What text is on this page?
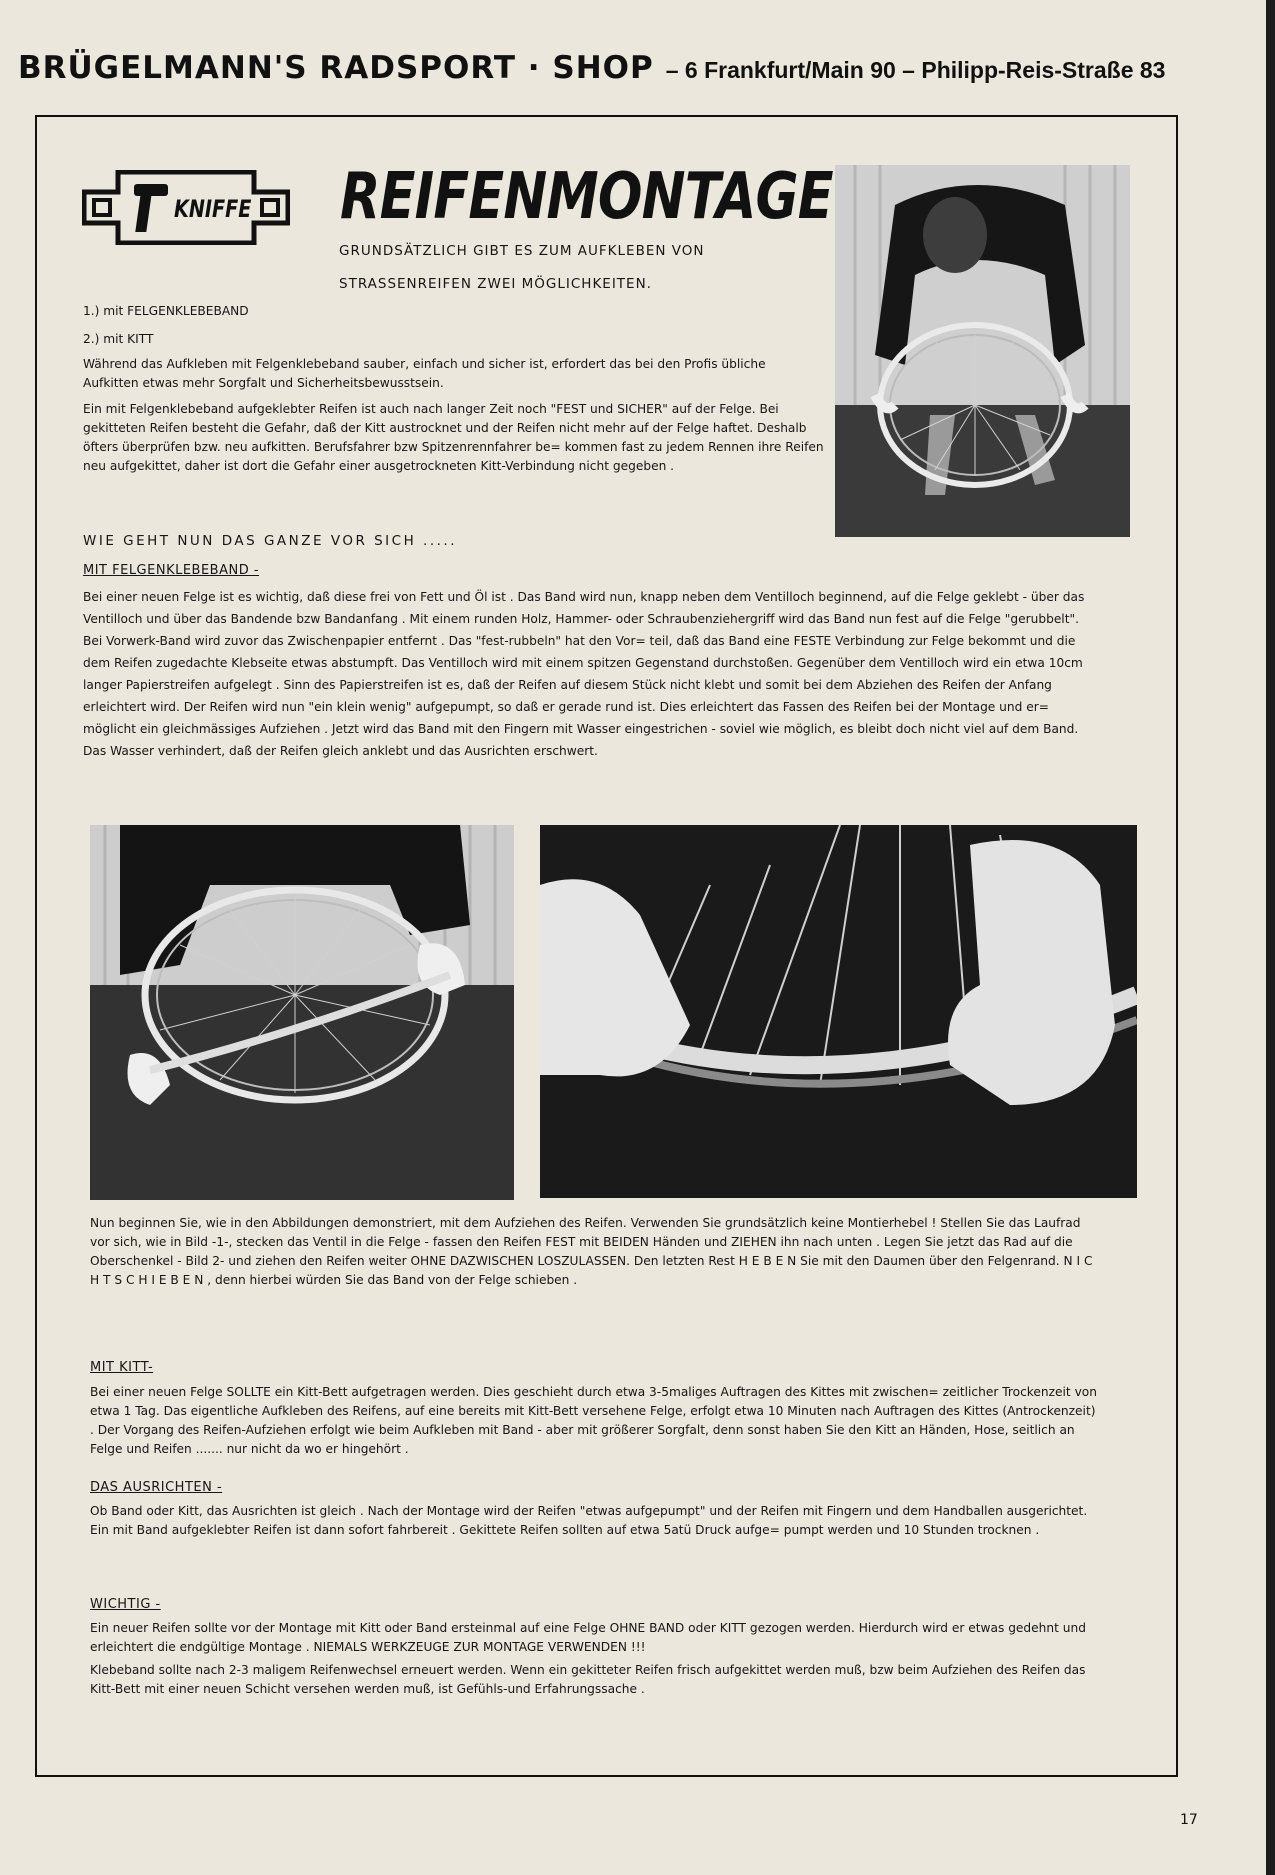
BRÜGELMANN'S RADSPORT · SHOP – 6 Frankfurt/Main 90 – Philipp-Reis-Straße 83
KNIFFE REIFENMONTAGE
GRUNDSÄTZLICH GIBT ES ZUM AUFKLEBEN VON
STRASSENREIFEN ZWEI MÖGLICHKEITEN.
1.) mit FELGENKLEBEBAND
2.) mit KITT

Während das Aufkleben mit Felgenklebeband sauber, einfach und sicher ist, erfordert das bei den Profis übliche Aufkitten etwas mehr Sorgfalt und Sicherheitsbewusstsein.

Ein mit Felgenklebeband aufgeklebter Reifen ist auch nach langer Zeit noch "FEST und SICHER" auf der Felge. Bei gekitteten Reifen besteht die Gefahr, daß der Kitt austrocknet und der Reifen nicht mehr auf der Felge haftet. Deshalb öfters überprüfen bzw. neu aufkitten. Berufsfahrer bzw Spitzenrennfahrer be= kommen fast zu jedem Rennen ihre Reifen neu aufgekittet, daher ist dort die Gefahr einer ausgetrockneten Kitt-Verbindung nicht gegeben .

WIE GEHT NUN DAS GANZE VOR SICH .....
MIT FELGENKLEBEBAND -

Bei einer neuen Felge ist es wichtig, daß diese frei von Fett und Öl ist . Das Band wird nun, knapp neben dem Ventilloch beginnend, auf die Felge geklebt - über das Ventilloch und über das Bandende bzw Bandanfang . Mit einem runden Holz, Hammer- oder Schraubenziehergriff wird das Band nun fest auf die Felge "gerubbelt". Bei Vorwerk-Band wird zuvor das Zwischenpapier entfernt . Das "fest-rubbeln" hat den Vor= teil, daß das Band eine FESTE Verbindung zur Felge bekommt und die dem Reifen zugedachte Klebseite etwas abstumpft. Das Ventilloch wird mit einem spitzen Gegenstand durchstoßen. Gegenüber dem Ventilloch wird ein etwa 10cm langer Papierstreifen aufgelegt . Sinn des Papierstreifen ist es, daß der Reifen auf diesem Stück nicht klebt und somit bei dem Abziehen des Reifen der Anfang erleichtert wird. Der Reifen wird nun "ein klein wenig" aufgepumpt, so daß er gerade rund ist. Dies erleichtert das Fassen des Reifen bei der Montage und er= möglicht ein gleichmässiges Aufziehen . Jetzt wird das Band mit den Fingern mit Wasser eingestrichen - soviel wie möglich, es bleibt doch nicht viel auf dem Band. Das Wasser verhindert, daß der Reifen gleich anklebt und das Ausrichten erschwert.

Nun beginnen Sie, wie in den Abbildungen demonstriert, mit dem Aufziehen des Reifen. Verwenden Sie grundsätzlich keine Montierhebel ! Stellen Sie das Laufrad vor sich, wie in Bild -1-, stecken das Ventil in die Felge - fassen den Reifen FEST mit BEIDEN Händen und ZIEHEN ihn nach unten . Legen Sie jetzt das Rad auf die Oberschenkel - Bild 2- und ziehen den Reifen weiter OHNE DAZWISCHEN LOSZULASSEN. Den letzten Rest H E B E N Sie mit den Daumen über den Felgenrand. N I C H T S C H I E B E N , denn hierbei würden Sie das Band von der Felge schieben .

MIT KITT-

Bei einer neuen Felge SOLLTE ein Kitt-Bett aufgetragen werden. Dies geschieht durch etwa 3-5maliges Auftragen des Kittes mit zwischen= zeitlicher Trockenzeit von etwa 1 Tag. Das eigentliche Aufkleben des Reifens, auf eine bereits mit Kitt-Bett versehene Felge, erfolgt etwa 10 Minuten nach Auftragen des Kittes (Antrockenzeit) . Der Vorgang des Reifen-Aufziehen erfolgt wie beim Aufkleben mit Band - aber mit größerer Sorgfalt, denn sonst haben Sie den Kitt an Händen, Hose, seitlich an Felge und Reifen ....... nur nicht da wo er hingehört .

DAS AUSRICHTEN -

Ob Band oder Kitt, das Ausrichten ist gleich . Nach der Montage wird der Reifen "etwas aufgepumpt" und der Reifen mit Fingern und dem Handballen ausgerichtet. Ein mit Band aufgeklebter Reifen ist dann sofort fahrbereit . Gekittete Reifen sollten auf etwa 5atü Druck aufge= pumpt werden und 10 Stunden trocknen .

WICHTIG -

Ein neuer Reifen sollte vor der Montage mit Kitt oder Band ersteinmal auf eine Felge OHNE BAND oder KITT gezogen werden. Hierdurch wird er etwas gedehnt und erleichtert die endgültige Montage . NIEMALS WERKZEUGE ZUR MONTAGE VERWENDEN !!!

Klebeband sollte nach 2-3 maligem Reifenwechsel erneuert werden. Wenn ein gekitteter Reifen frisch aufgekittet werden muß, bzw beim Aufziehen des Reifen das Kitt-Bett mit einer neuen Schicht versehen werden muß, ist Gefühls-und Erfahrungssache .

17
